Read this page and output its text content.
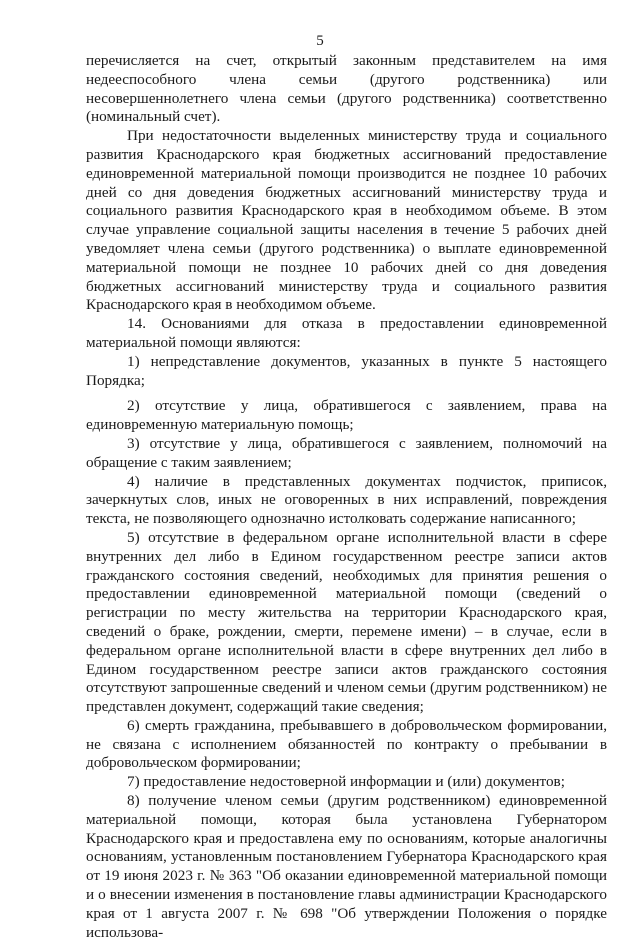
5

перечисляется на счет, открытый законным представителем на имя недееспособного члена семьи (другого родственника) или несовершеннолетнего члена семьи (другого родственника) соответственно (номинальный счет).

При недостаточности выделенных министерству труда и социального развития Краснодарского края бюджетных ассигнований предоставление единовременной материальной помощи производится не позднее 10 рабочих дней со дня доведения бюджетных ассигнований министерству труда и социального развития Краснодарского края в необходимом объеме. В этом случае управление социальной защиты населения в течение 5 рабочих дней уведомляет члена семьи (другого родственника) о выплате единовременной материальной помощи не позднее 10 рабочих дней со дня доведения бюджетных ассигнований министерству труда и социального развития Краснодарского края в необходимом объеме.

14. Основаниями для отказа в предоставлении единовременной материальной помощи являются:

1) непредставление документов, указанных в пункте 5 настоящего Порядка;

2) отсутствие у лица, обратившегося с заявлением, права на единовременную материальную помощь;

3) отсутствие у лица, обратившегося с заявлением, полномочий на обращение с таким заявлением;

4) наличие в представленных документах подчисток, приписок, зачеркнутых слов, иных не оговоренных в них исправлений, повреждения текста, не позволяющего однозначно истолковать содержание написанного;

5) отсутствие в федеральном органе исполнительной власти в сфере внутренних дел либо в Едином государственном реестре записи актов гражданского состояния сведений, необходимых для принятия решения о предоставлении единовременной материальной помощи (сведений о регистрации по месту жительства на территории Краснодарского края, сведений о браке, рождении, смерти, перемене имени) – в случае, если в федеральном органе исполнительной власти в сфере внутренних дел либо в Едином государственном реестре записи актов гражданского состояния отсутствуют запрошенные сведений и членом семьи (другим родственником) не представлен документ, содержащий такие сведения;

6) смерть гражданина, пребывавшего в добровольческом формировании, не связана с исполнением обязанностей по контракту о пребывании в добровольческом формировании;

7) предоставление недостоверной информации и (или) документов;

8) получение членом семьи (другим родственником) единовременной материальной помощи, которая была установлена Губернатором Краснодарского края и предоставлена ему по основаниям, которые аналогичны основаниям, установленным постановлением Губернатора Краснодарского края от 19 июня 2023 г. № 363 "Об оказании единовременной материальной помощи и о внесении изменения в постановление главы администрации Краснодарского края от 1 августа 2007 г. № 698 "Об утверждении Положения о порядке использова-
